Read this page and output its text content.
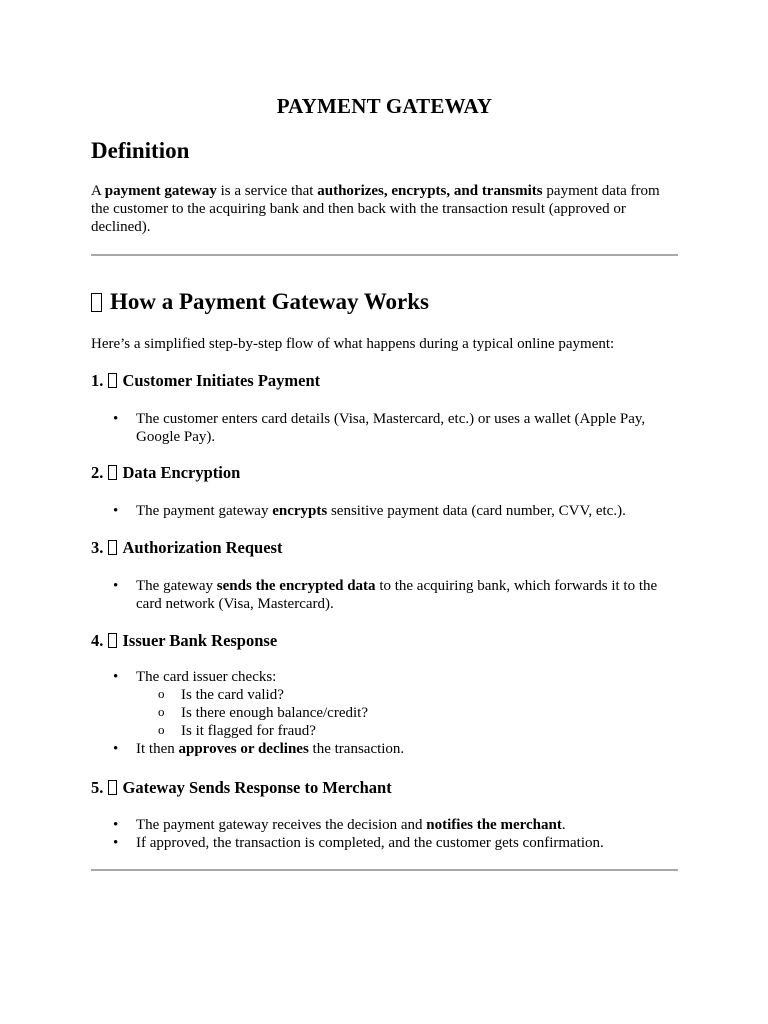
PAYMENT GATEWAY
Definition
A payment gateway is a service that authorizes, encrypts, and transmits payment data from the customer to the acquiring bank and then back with the transaction result (approved or declined).
How a Payment Gateway Works
Here’s a simplified step-by-step flow of what happens during a typical online payment:
1. Customer Initiates Payment
• The customer enters card details (Visa, Mastercard, etc.) or uses a wallet (Apple Pay, Google Pay).
2. Data Encryption
• The payment gateway encrypts sensitive payment data (card number, CVV, etc.).
3. Authorization Request
• The gateway sends the encrypted data to the acquiring bank, which forwards it to the card network (Visa, Mastercard).
4. Issuer Bank Response
• The card issuer checks:
o Is the card valid?
o Is there enough balance/credit?
o Is it flagged for fraud?
• It then approves or declines the transaction.
5. Gateway Sends Response to Merchant
• The payment gateway receives the decision and notifies the merchant.
• If approved, the transaction is completed, and the customer gets confirmation.
